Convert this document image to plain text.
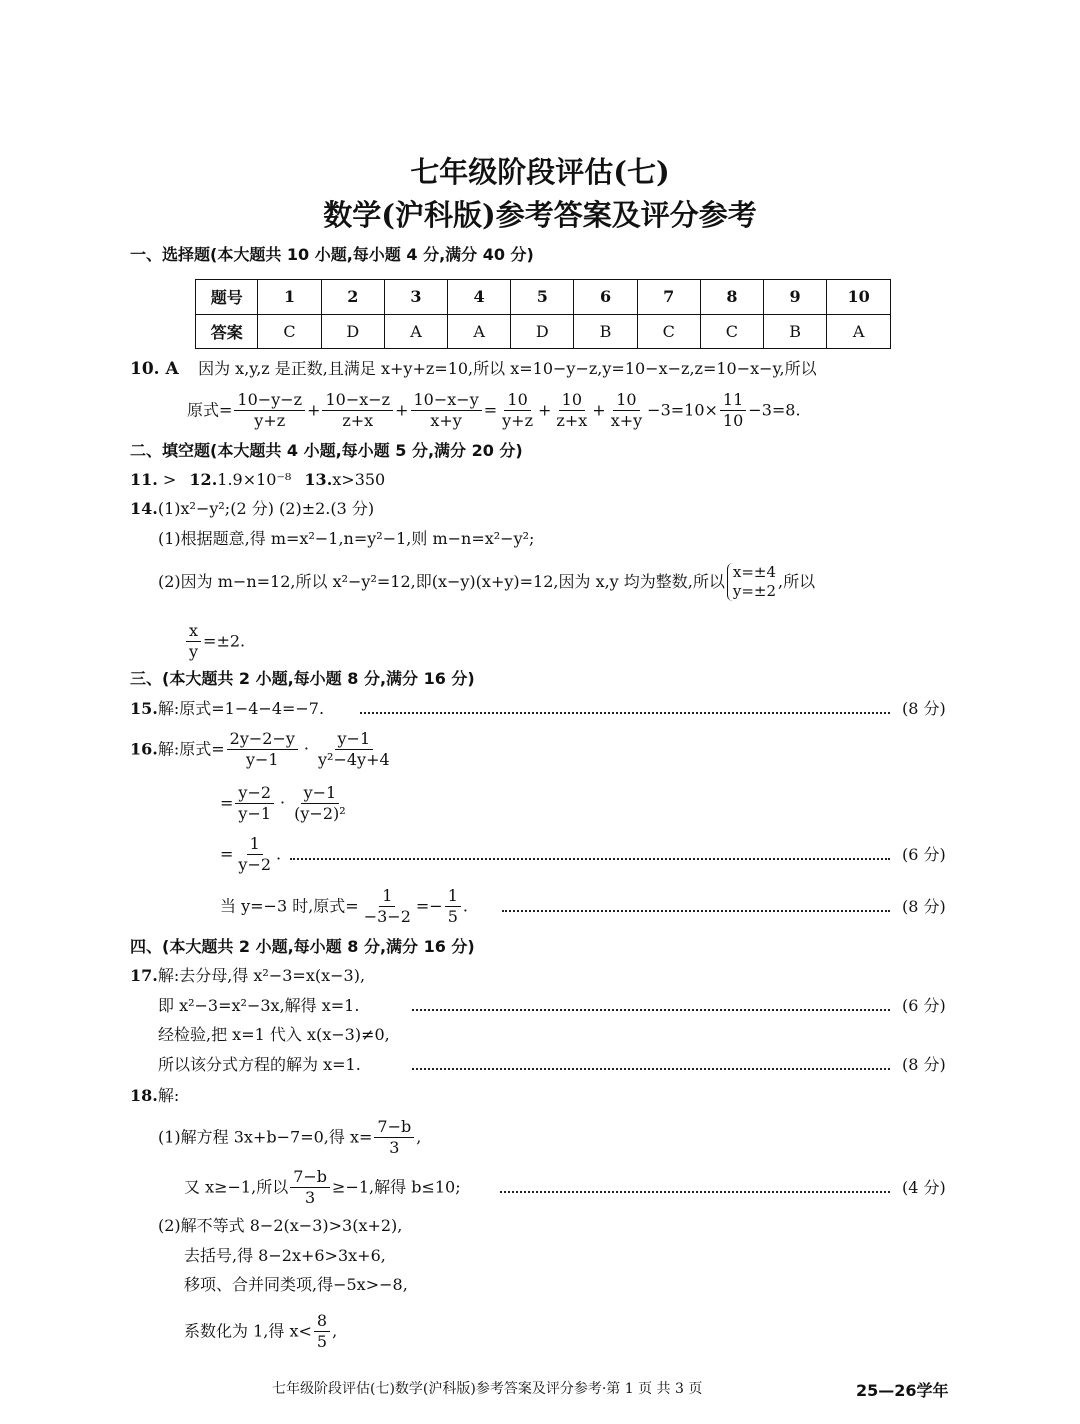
七年级阶段评估(七)
数学(沪科版)参考答案及评分参考
一、选择题(本大题共 10 小题,每小题 4 分,满分 40 分)
题号	1	2	3	4	5	6	7	8	9	10
答案	C	D	A	A	D	B	C	C	B	A
10. A 因为 x,y,z 是正数,且满足 x+y+z=10,所以 x=10−y−z,y=10−x−z,z=10−x−y,所以
原式= $\frac{10-y-z}{y+z} + \frac{10-x-z}{z+x} + \frac{10-x-y}{x+y} = \frac{10}{y+z} + \frac{10}{z+x} + \frac{10}{x+y} -3=10\times \frac{11}{10} -3=8$.
二、填空题(本大题共 4 小题,每小题 5 分,满分 20 分)
11. > 12.1.9×10⁻⁸ 13.x>350
14.(1)x²−y²;(2 分) (2)±2.(3 分)
(1)根据题意,得 m=x²−1,n=y²−1,则 m−n=x²−y²;
(2)因为 m−n=12,所以 x²−y²=12,即(x−y)(x+y)=12,因为 x,y 均为整数,所以 x=±4
y=±2 ,所以
$\frac{x}{y} =\pm 2$.
三、(本大题共 2 小题,每小题 8 分,满分 16 分)
15.解:原式=1−4−4=−7.	(8 分)
16.解:原式= $\frac{2y-2-y}{y-1} \cdot \frac{y-1}{\text{y²−4y+4}}$
= $\frac{y-2}{y-1} \cdot \frac{y-1}{\text{(y−2)²}}$
= $\frac{1}{y-2}$ .	(6 分)
当 y=−3 时,原式= $\frac{1}{-3-2} =- \frac{1}{5}$ .	(8 分)
四、(本大题共 2 小题,每小题 8 分,满分 16 分)
17.解:去分母,得 x²−3=x(x−3),
即 x²−3=x²−3x,解得 x=1.	(6 分)
经检验,把 x=1 代入 x(x−3)≠0,
所以该分式方程的解为 x=1.	(8 分)
18.解:
(1)解方程 3x+b−7=0,得 $x= \frac{7-b}{3}$ ,
又 x≥−1,所以 $\frac{7-b}{3} \ge-1$,解得 b≤10;	(4 分)
(2)解不等式 8−2(x−3)>3(x+2),
去括号,得 8−2x+6>3x+6,
移项、合并同类项,得−5x>−8,
系数化为 1,得 $x< \frac{8}{5}$ ,
七年级阶段评估(七)数学(沪科版)参考答案及评分参考·第 1 页 共 3 页	25—26学年
